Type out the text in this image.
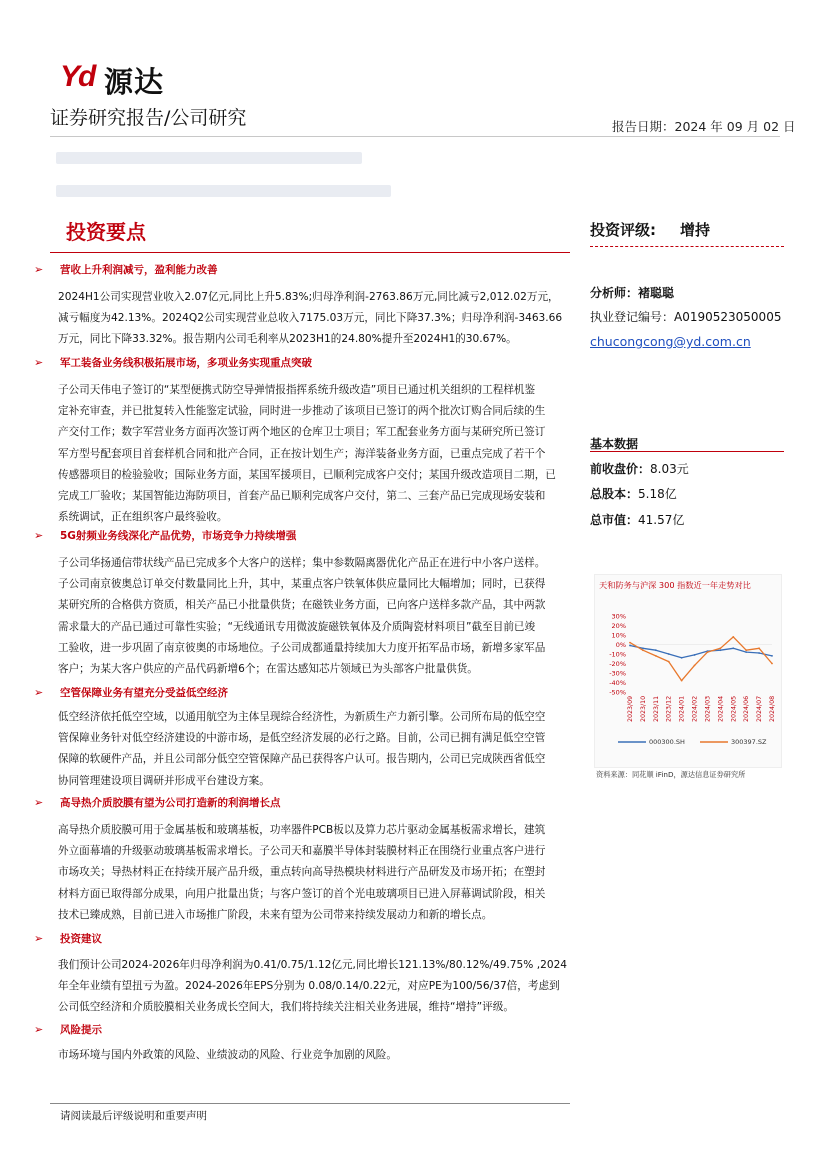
Yd 源达
证券研究报告/公司研究	报告日期：2024 年 09 月 02 日
投资要点
➢ 营收上升利润减亏，盈利能力改善
2024H1公司实现营业收入2.07亿元,同比上升5.83%;归母净利润-2763.86万元,同比减亏2,012.02万元，
减亏幅度为42.13%。2024Q2公司实现营业总收入7175.03万元，同比下降37.3%；归母净利润-3463.66
万元，同比下降33.32%。报告期内公司毛利率从2023H1的24.80%提升至2024H1的30.67%。
➢ 军工装备业务线积极拓展市场，多项业务实现重点突破
子公司天伟电子签订的“某型便携式防空导弹情报指挥系统升级改造”项目已通过机关组织的工程样机鉴
定补充审查，并已批复转入性能鉴定试验，同时进一步推动了该项目已签订的两个批次订购合同后续的生
产交付工作；数字军营业务方面再次签订两个地区的仓库卫士项目；军工配套业务方面与某研究所已签订
军方型号配套项目首套样机合同和批产合同，正在按计划生产；海洋装备业务方面，已重点完成了若干个
传感器项目的检验验收；国际业务方面，某国军援项目，已顺利完成客户交付；某国升级改造项目二期，已
完成工厂验收；某国智能边海防项目，首套产品已顺利完成客户交付，第二、三套产品已完成现场安装和
系统调试，正在组织客户最终验收。
➢ 5G射频业务线深化产品优势，市场竞争力持续增强
子公司华扬通信带状线产品已完成多个大客户的送样；集中参数隔离器优化产品正在进行中小客户送样。
子公司南京彼奥总订单交付数量同比上升，其中，某重点客户铁氧体供应量同比大幅增加；同时，已获得
某研究所的合格供方资质，相关产品已小批量供货；在磁铁业务方面，已向客户送样多款产品，其中两款
需求量大的产品已通过可靠性实验；“无线通讯专用微波旋磁铁氧体及介质陶瓷材料项目”截至目前已竣
工验收，进一步巩固了南京彼奥的市场地位。子公司成都通量持续加大力度开拓军品市场，新增多家军品
客户；为某大客户供应的产品代码新增6个；在雷达感知芯片领域已为头部客户批量供货。
➢ 空管保障业务有望充分受益低空经济
低空经济依托低空空域，以通用航空为主体呈现综合经济性，为新质生产力新引擎。公司所布局的低空空
管保障业务针对低空经济建设的中游市场，是低空经济发展的必行之路。目前，公司已拥有满足低空空管
保障的软硬件产品，并且公司部分低空空管保障产品已获得客户认可。报告期内，公司已完成陕西省低空
协同管理建设项目调研并形成平台建设方案。
➢ 高导热介质胶膜有望为公司打造新的利润增长点
高导热介质胶膜可用于金属基板和玻璃基板，功率器件PCB板以及算力芯片驱动金属基板需求增长，建筑
外立面幕墙的升级驱动玻璃基板需求增长。子公司天和嘉膜半导体封装膜材料正在围绕行业重点客户进行
市场攻关；导热材料正在持续开展产品升级，重点转向高导热模块材料进行产品研发及市场开拓；在塑封
材料方面已取得部分成果，向用户批量出货；与客户签订的首个光电玻璃项目已进入屏幕调试阶段，相关
技术已臻成熟，目前已进入市场推广阶段，未来有望为公司带来持续发展动力和新的增长点。
➢ 投资建议
我们预计公司2024-2026年归母净利润为0.41/0.75/1.12亿元,同比增长121.13%/80.12%/49.75% ,2024
年全年业绩有望扭亏为盈。2024-2026年EPS分别为 0.08/0.14/0.22元，对应PE为100/56/37倍，考虑到
公司低空经济和介质胶膜相关业务成长空间大，我们将持续关注相关业务进展，维持“增持”评级。
➢ 风险提示
市场环境与国内外政策的风险、业绩波动的风险、行业竞争加剧的风险。
投资评级: 增持
分析师：褚聪聪
执业登记编号：A0190523050005
chucongcong@yd.com.cn
基本数据
前收盘价：8.03元
总股本：5.18亿
总市值：41.57亿
天和防务与沪深 300 指数近一年走势对比
30%
20%
10%
0%
-10%
-20%
-30%
-40%
-50%
2023/09 2023/10 2023/11 2023/12 2024/01 2024/02 2024/03 2024/04 2024/05 2024/06 2024/07 2024/08
000300.SH	300397.SZ
资料来源：同花顺 iFinD，源达信息证券研究所
请阅读最后评级说明和重要声明
